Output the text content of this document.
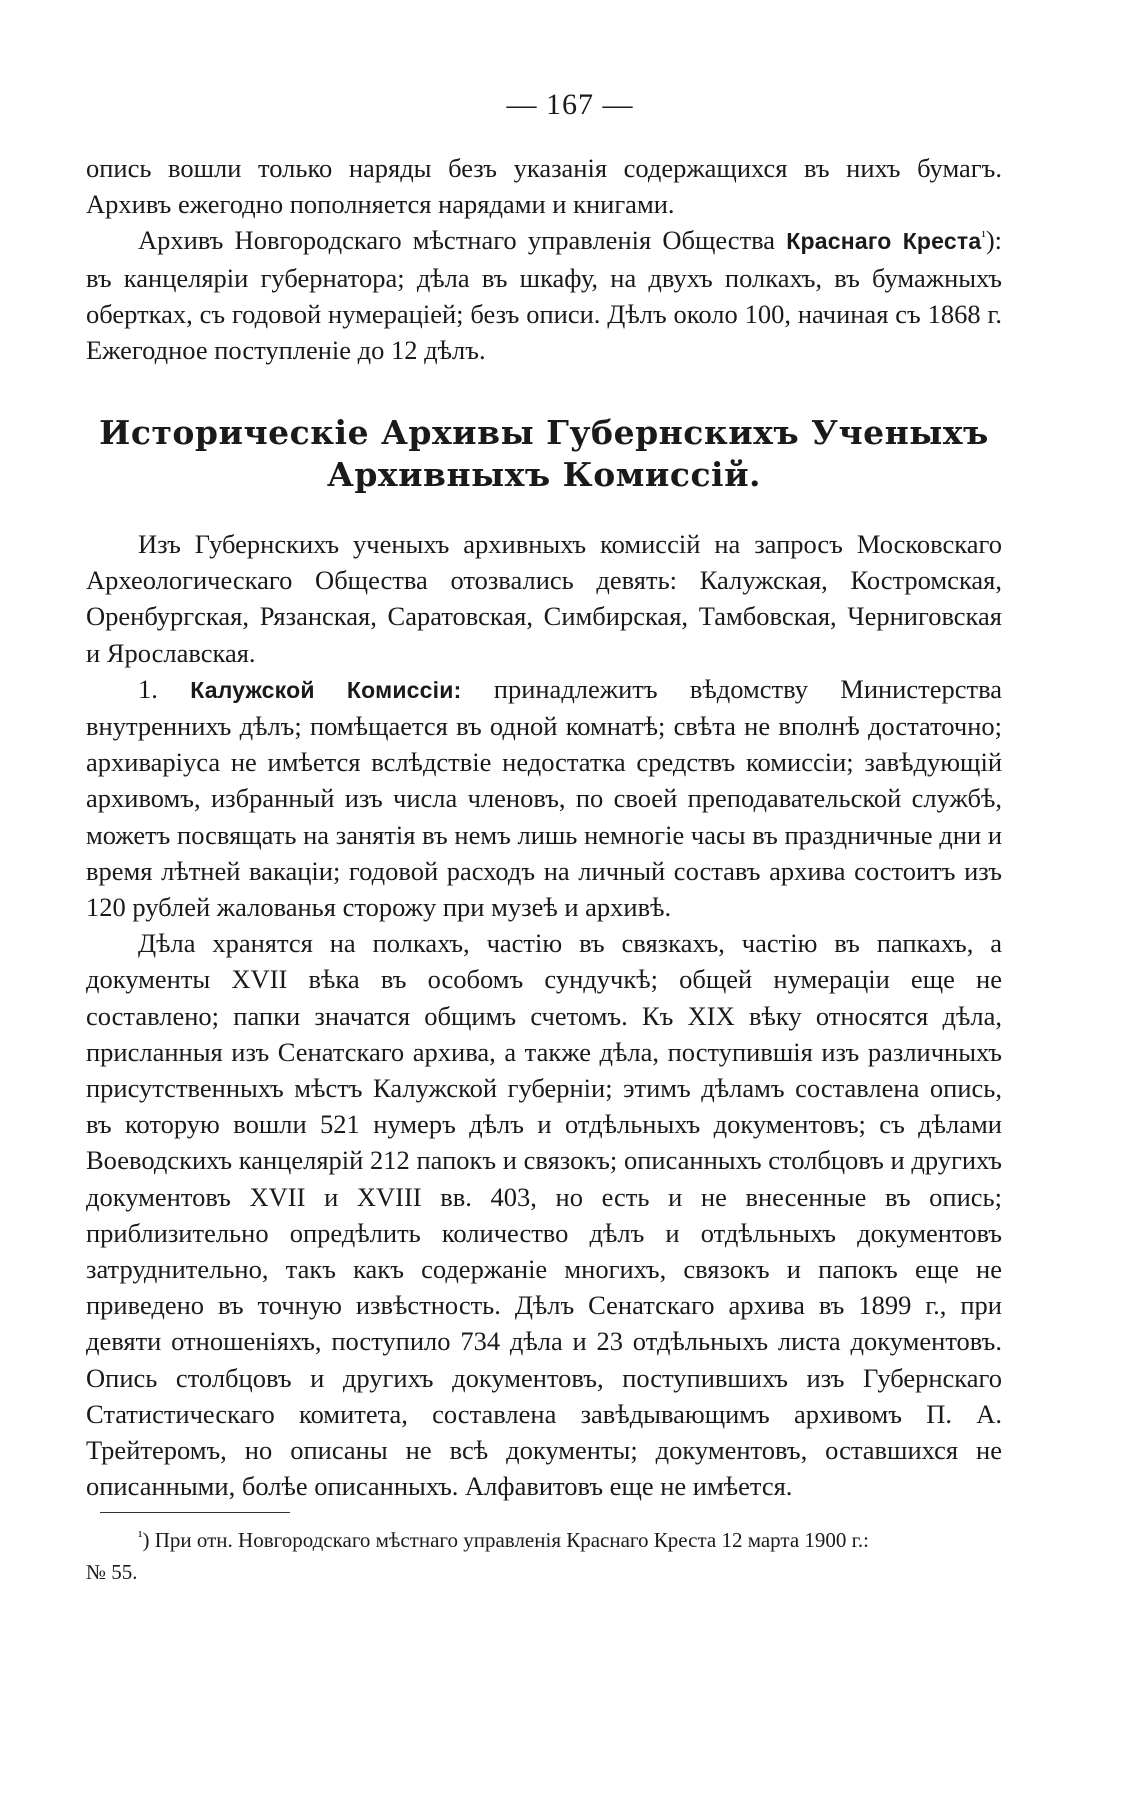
— 167 —

опись вошли только наряды безъ указанія содержащихся въ нихъ бумагъ. Архивъ ежегодно пополняется нарядами и книгами.

Архивъ Новгородскаго мѣстнаго управленія Общества Краснаго Креста$^{^1}$): въ канцеляріи губернатора; дѣла въ шкафу, на двухъ полкахъ, въ бумажныхъ обертках, съ годовой нумераціей; безъ описи. Дѣлъ около 100, начиная съ 1868 г. Ежегодное поступленіе до 12 дѣлъ.

Историческіе Архивы Губернскихъ Ученыхъ
Архивныхъ Комиссій.

Изъ Губернскихъ ученыхъ архивныхъ комиссій на запросъ Московскаго Археологическаго Общества отозвались девять: Калужская, Костромская, Оренбургская, Рязанская, Саратовская, Симбирская, Тамбовская, Черниговская и Ярославская.

1. Калужской Комиссіи: принадлежитъ вѣдомству Министерства внутреннихъ дѣлъ; помѣщается въ одной комнатѣ; свѣта не вполнѣ достаточно; архиваріуса не имѣется вслѣдствіе недостатка средствъ комиссіи; завѣдующій архивомъ, избранный изъ числа членовъ, по своей преподавательской службѣ, можетъ посвящать на занятія въ немъ лишь немногіе часы въ праздничные дни и время лѣтней вакаціи; годовой расходъ на личный составъ архива состоитъ изъ 120 рублей жалованья сторожу при музеѣ и архивѣ.

Дѣла хранятся на полкахъ, частію въ связкахъ, частію въ папкахъ, а документы XVII вѣка въ особомъ сундучкѣ; общей нумераціи еще не составлено; папки значатся общимъ счетомъ. Къ XIX вѣку относятся дѣла, присланныя изъ Сенатскаго архива, а также дѣла, поступившія изъ различныхъ присутственныхъ мѣстъ Калужской губерніи; этимъ дѣламъ составлена опись, въ которую вошли 521 нумеръ дѣлъ и отдѣльныхъ документовъ; съ дѣлами Воеводскихъ канцелярій 212 папокъ и связокъ; описанныхъ столбцовъ и другихъ документовъ XVII и XVIII вв. 403, но есть и не внесенные въ опись; приблизительно опредѣлить количество дѣлъ и отдѣльныхъ документовъ затруднительно, такъ какъ содержаніе многихъ, связокъ и папокъ еще не приведено въ точную извѣстность. Дѣлъ Сенатскаго архива въ 1899 г., при девяти отношеніяхъ, поступило 734 дѣла и 23 отдѣльныхъ листа документовъ. Опись столбцовъ и другихъ документовъ, поступившихъ изъ Губернскаго Статистическаго комитета, составлена завѣдывающимъ архивомъ П. А. Трейтеромъ, но описаны не всѣ документы; документовъ, оставшихся не описанными, болѣе описанныхъ. Алфавитовъ еще не имѣется.

$^{^1}$) При отн. Новгородскаго мѣстнаго управленія Краснаго Креста 12 марта 1900 г.:
№ 55.
